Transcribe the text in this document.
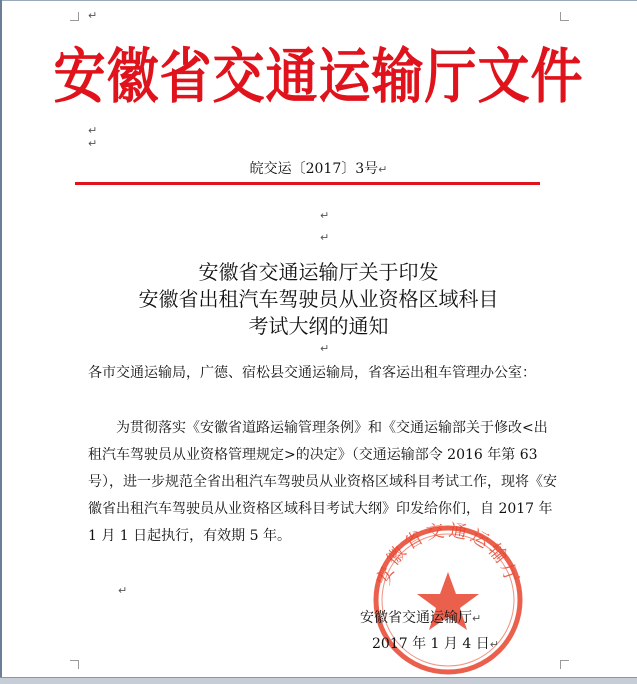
安徽省交通运输厅文件
↵
↵
↵
皖交运〔2017〕3号↵
↵
↵
安徽省交通运输厅关于印发
安徽省出租汽车驾驶员从业资格区域科目
考试大纲的通知
↵
各市交通运输局，广德、宿松县交通运输局，省客运出租车管理办公室：
为贯彻落实《安徽省道路运输管理条例》和《交通运输部关于修改<出租汽车驾驶员从业资格管理规定>的决定》（交通运输部令 2016 年第 63 号），进一步规范全省出租汽车驾驶员从业资格区域科目考试工作，现将《安徽省出租汽车驾驶员从业资格区域科目考试大纲》印发给你们，自 2017 年 1 月 1 日起执行，有效期 5 年。
↵
安徽省交通运输厅
安徽省交通运输厅↵
2017 年 1 月 4 日↵
